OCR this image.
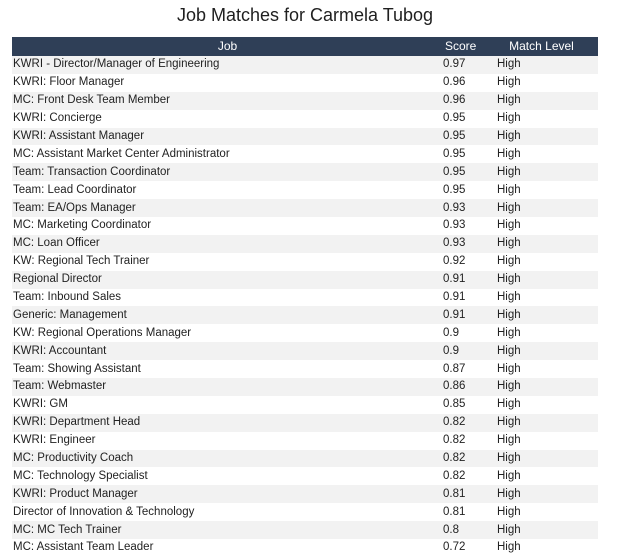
Job Matches for Carmela Tubog
Job	Score	Match Level
KWRI - Director/Manager of Engineering	0.97	High
KWRI: Floor Manager	0.96	High
MC: Front Desk Team Member	0.96	High
KWRI: Concierge	0.95	High
KWRI: Assistant Manager	0.95	High
MC: Assistant Market Center Administrator	0.95	High
Team: Transaction Coordinator	0.95	High
Team: Lead Coordinator	0.95	High
Team: EA/Ops Manager	0.93	High
MC: Marketing Coordinator	0.93	High
MC: Loan Officer	0.93	High
KW: Regional Tech Trainer	0.92	High
Regional Director	0.91	High
Team: Inbound Sales	0.91	High
Generic: Management	0.91	High
KW: Regional Operations Manager	0.9	High
KWRI: Accountant	0.9	High
Team: Showing Assistant	0.87	High
Team: Webmaster	0.86	High
KWRI: GM	0.85	High
KWRI: Department Head	0.82	High
KWRI: Engineer	0.82	High
MC: Productivity Coach	0.82	High
MC: Technology Specialist	0.82	High
KWRI: Product Manager	0.81	High
Director of Innovation & Technology	0.81	High
MC: MC Tech Trainer	0.8	High
MC: Assistant Team Leader	0.72	High
